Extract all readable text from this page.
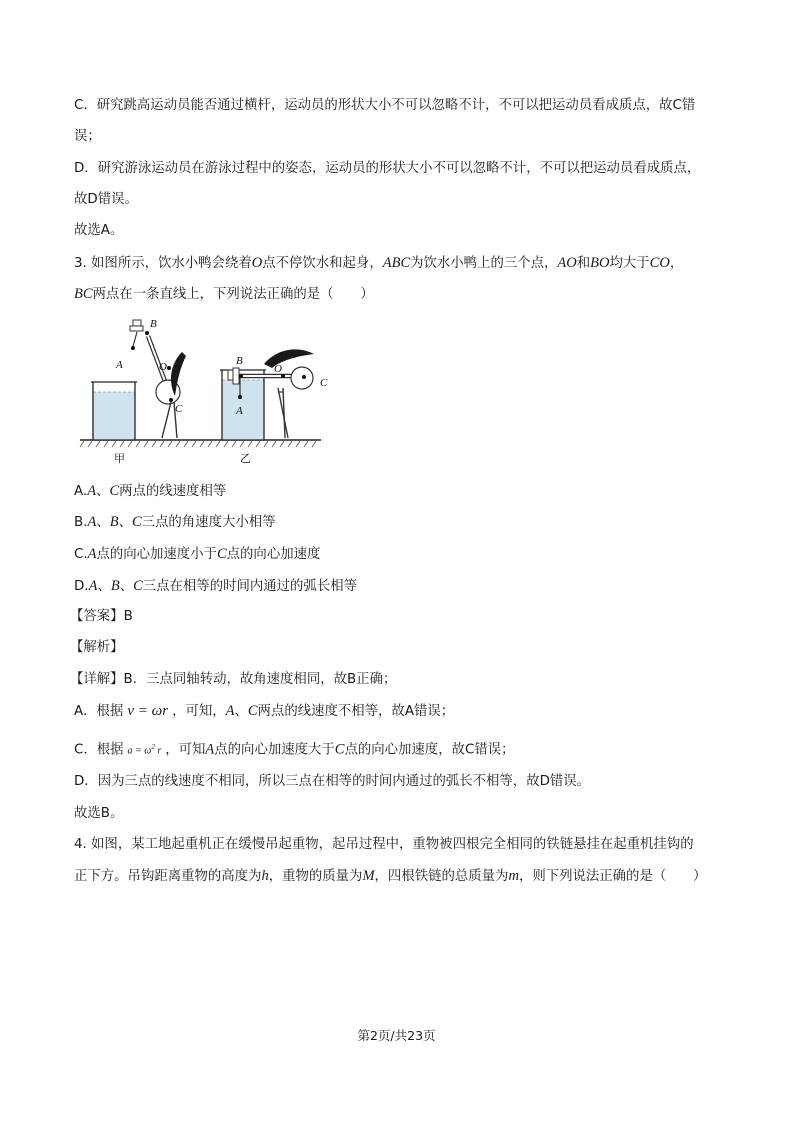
C．研究跳高运动员能否通过横杆，运动员的形状大小不可以忽略不计，不可以把运动员看成质点，故C错
误；
D．研究游泳运动员在游泳过程中的姿态，运动员的形状大小不可以忽略不计，不可以把运动员看成质点，
故D错误。
故选A。
3. 如图所示，饮水小鸭会绕着O点不停饮水和起身，ABC为饮水小鸭上的三个点，AO和BO均大于CO，
BC两点在一条直线上，下列说法正确的是（　　）
A
B
O
C	A
B
O
C
甲	乙
A.A、C两点的线速度相等
B.A、B、C三点的角速度大小相等
C.A点的向心加速度小于C点的向心加速度
D.A、B、C三点在相等的时间内通过的弧长相等
【答案】B
【解析】
【详解】B．三点同轴转动，故角速度相同，故B正确；
A．根据 v = ωr ，可知，A、C两点的线速度不相等，故A错误；
C．根据 $a = \omega^2$ r ，可知A点的向心加速度大于C点的向心加速度，故C错误；
D．因为三点的线速度不相同，所以三点在相等的时间内通过的弧长不相等，故D错误。
故选B。
4. 如图，某工地起重机正在缓慢吊起重物，起吊过程中，重物被四根完全相同的铁链悬挂在起重机挂钩的
正下方。吊钩距离重物的高度为h，重物的质量为M，四根铁链的总质量为m，则下列说法正确的是（　　）
第2页/共23页
